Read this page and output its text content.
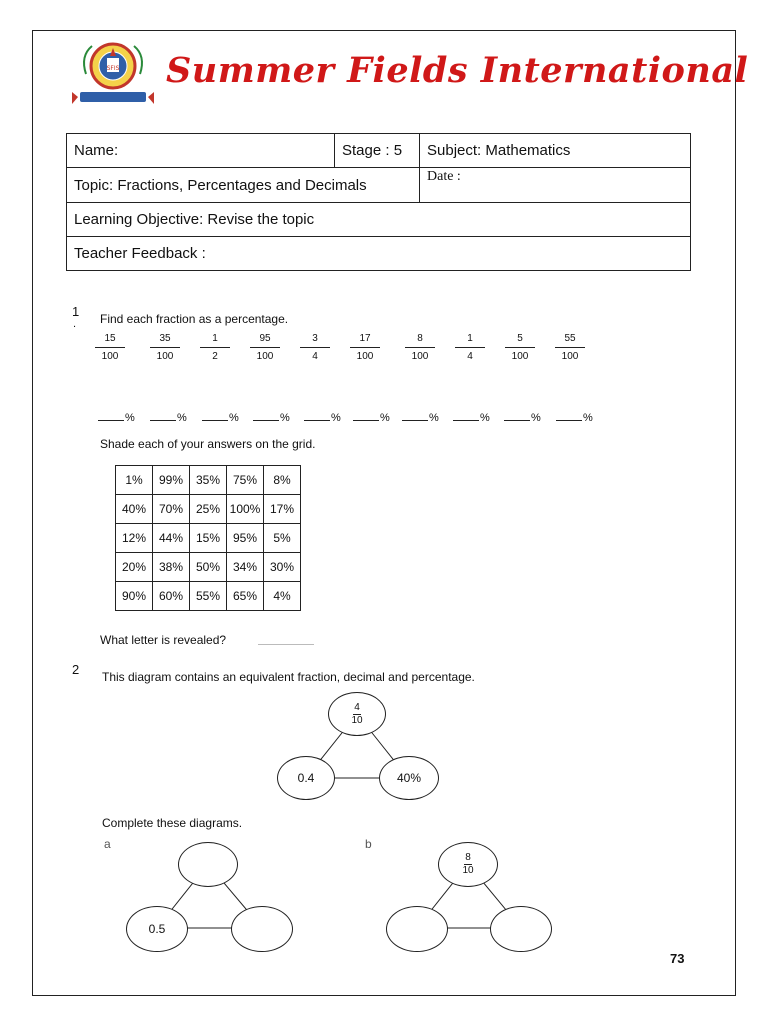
SFIS Summer Fields International
Name:	Stage : 5	Subject: Mathematics
Topic: Fractions, Percentages and Decimals		Date :
Learning Objective: Revise the topic		
Teacher Feedback :		
1
. Find each fraction as a percentage.
$\frac{15}{100}$	$\frac{35}{100} \frac{1}{2} \frac{95}{100} \frac{3}{4} \frac{17}{100}$	$\frac{8}{100} \frac{1}{4} \frac{5}{100} \frac{55}{100}$
%	%	%	%	%	%	%	%	%	%
Shade each of your answers on the grid.
1%	99%	35%	75%	8%
40%	70%	25%	100%	17%
12%	44%	15%	95%	5%
20%	38%	50%	34%	30%
90%	60%	55%	65%	4%
What letter is revealed?
2 This diagram contains an equivalent fraction, decimal and percentage.
4
10
0.4	40%
Complete these diagrams.
a	b
0.5
8
10
73
